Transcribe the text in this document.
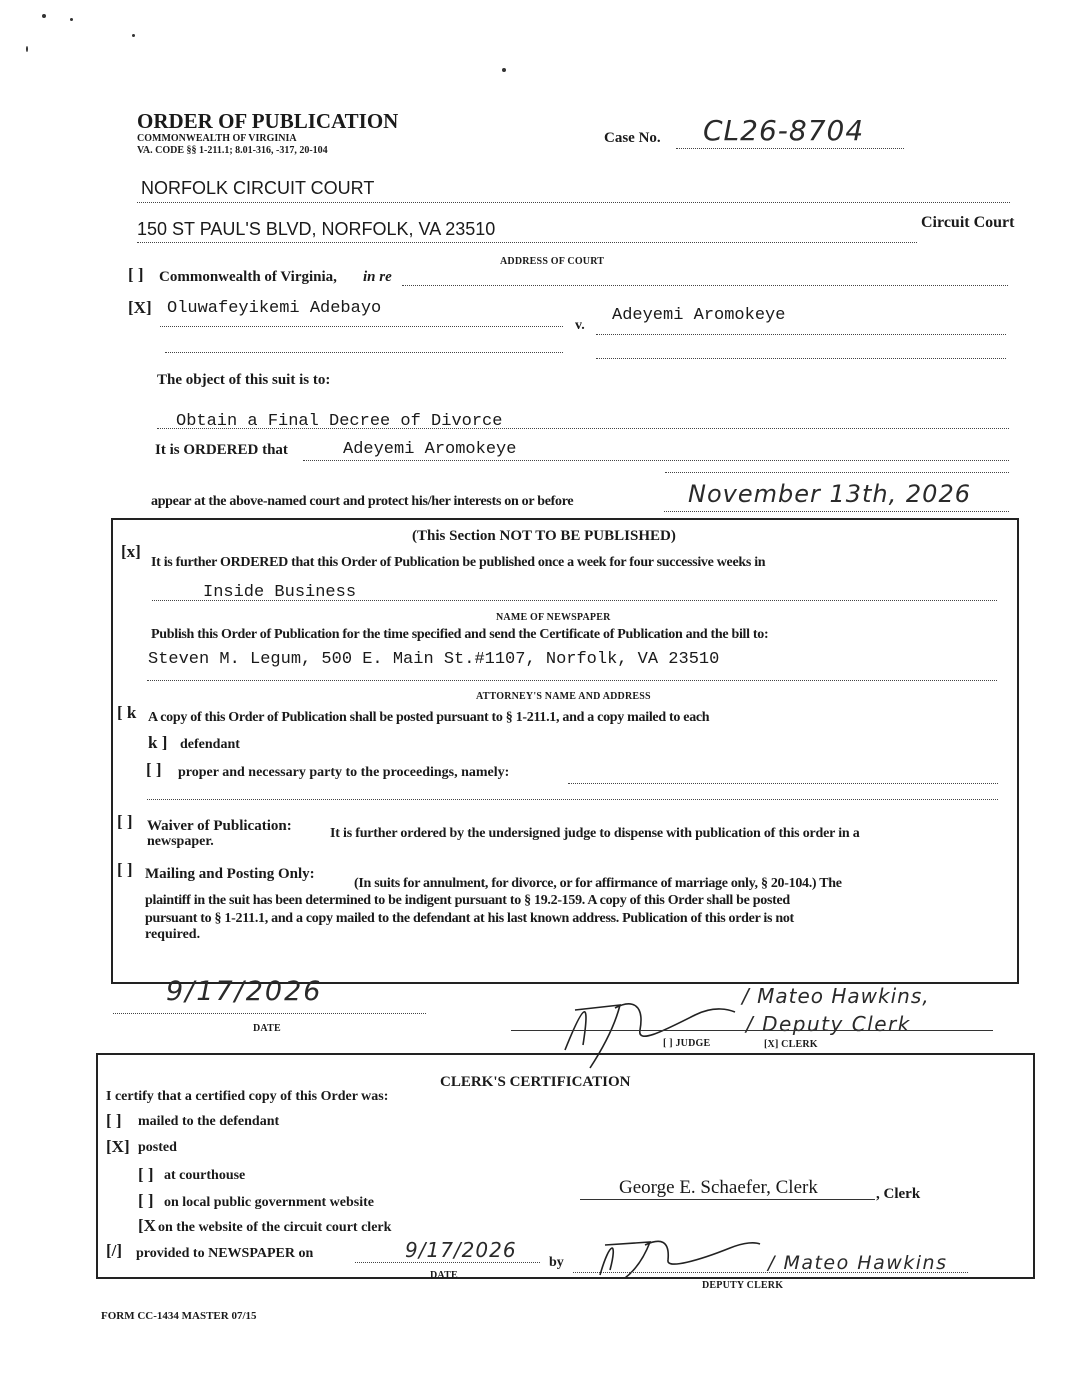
ORDER OF PUBLICATION
COMMONWEALTH OF VIRGINIA
VA. CODE §§ 1-211.1; 8.01-316, -317, 20-104
Case No. CL26-8704
NORFOLK CIRCUIT COURT
150 ST PAUL'S BLVD, NORFOLK, VA 23510	Circuit Court
ADDRESS OF COURT
[ ] Commonwealth of Virginia, in re
[X] Oluwafeyikemi Adebayo
v.
Adeyemi Aromokeye
The object of this suit is to:
Obtain a Final Decree of Divorce
It is ORDERED that	Adeyemi Aromokeye
appear at the above-named court and protect his/her interests on or before	November 13th, 2026
(This Section NOT TO BE PUBLISHED)
[x]
It is further ORDERED that this Order of Publication be published once a week for four successive weeks in
Inside Business
NAME OF NEWSPAPER
Publish this Order of Publication for the time specified and send the Certificate of Publication and the bill to:
Steven M. Legum, 500 E. Main St.#1107, Norfolk, VA 23510
ATTORNEY'S NAME AND ADDRESS
[ k A copy of this Order of Publication shall be posted pursuant to § 1-211.1, and a copy mailed to each
k ] defendant
[ ] proper and necessary party to the proceedings, namely:
[ ] Waiver of Publication:	It is further ordered by the undersigned judge to dispense with publication of this order in a
newspaper.
[ ] Mailing and Posting Only:
(In suits for annulment, for divorce, or for affirmance of marriage only, § 20-104.) The
plaintiff in the suit has been determined to be indigent pursuant to § 19.2-159. A copy of this Order shall be posted
pursuant to § 1-211.1, and a copy mailed to the defendant at his last known address. Publication of this order is not
required.
9/17/2026
DATE
/ Mateo Hawkins,
/ Deputy Clerk
[ ] JUDGE	[X] CLERK
CLERK'S CERTIFICATION
I certify that a certified copy of this Order was:
[ ] mailed to the defendant
[X] posted
[ ] at courthouse
[ ] on local public government website
[X on the website of the circuit court clerk
[/] provided to NEWSPAPER on	9/17/2026
DATE
by
George E. Schaefer, Clerk	, Clerk
/ Mateo Hawkins
DEPUTY CLERK
FORM CC-1434 MASTER 07/15
